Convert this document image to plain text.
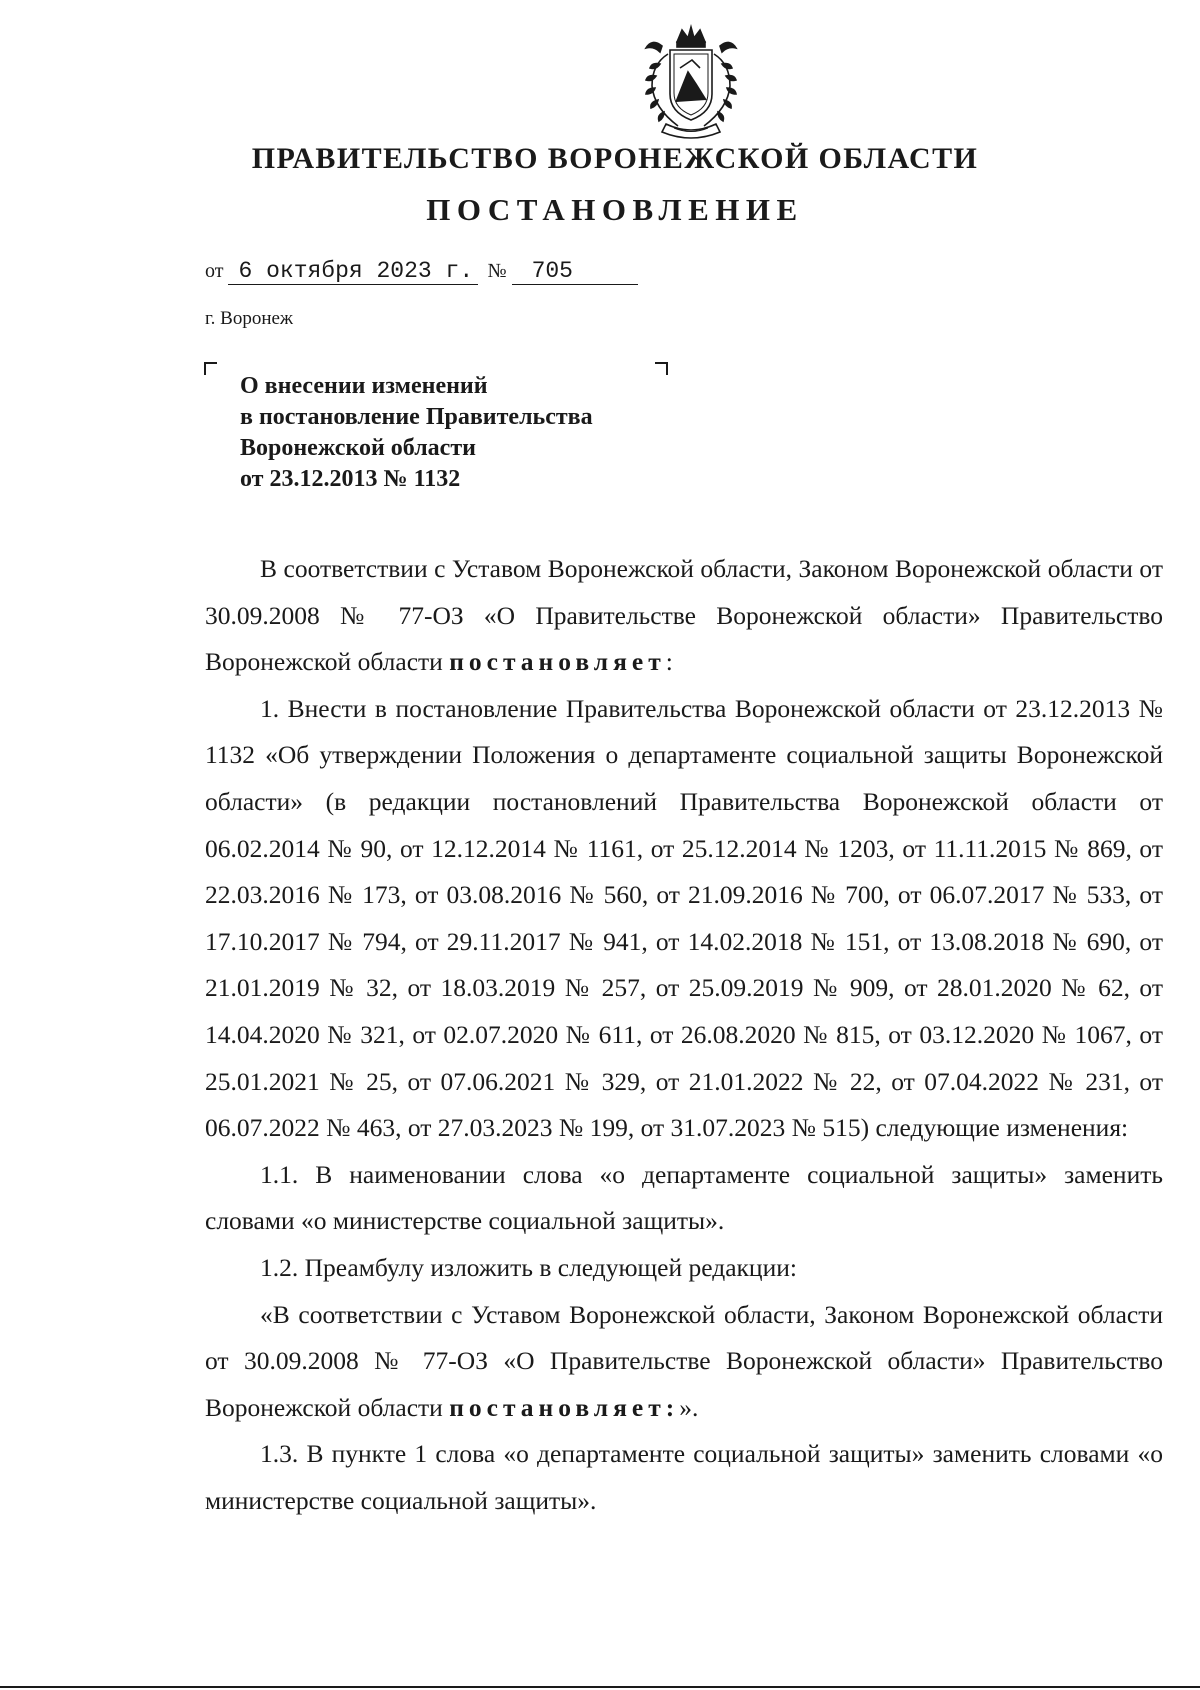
ПРАВИТЕЛЬСТВО ВОРОНЕЖСКОЙ ОБЛАСТИ
ПОСТАНОВЛЕНИЕ
от 6 октября 2023 г. № 705
г. Воронеж
О внесении изменений
в постановление Правительства
Воронежской области
от 23.12.2013 № 1132

В соответствии с Уставом Воронежской области, Законом Воронежской области от 30.09.2008 № 77-ОЗ «О Правительстве Воронежской области» Правительство Воронежской области постановляет:

1. Внести в постановление Правительства Воронежской области от 23.12.2013 № 1132 «Об утверждении Положения о департаменте социальной защиты Воронежской области» (в редакции постановлений Правительства Воронежской области от 06.02.2014 № 90, от 12.12.2014 № 1161, от 25.12.2014 № 1203, от 11.11.2015 № 869, от 22.03.2016 № 173, от 03.08.2016 № 560, от 21.09.2016 № 700, от 06.07.2017 № 533, от 17.10.2017 № 794, от 29.11.2017 № 941, от 14.02.2018 № 151, от 13.08.2018 № 690, от 21.01.2019 № 32, от 18.03.2019 № 257, от 25.09.2019 № 909, от 28.01.2020 № 62, от 14.04.2020 № 321, от 02.07.2020 № 611, от 26.08.2020 № 815, от 03.12.2020 № 1067, от 25.01.2021 № 25, от 07.06.2021 № 329, от 21.01.2022 № 22, от 07.04.2022 № 231, от 06.07.2022 № 463, от 27.03.2023 № 199, от 31.07.2023 № 515) следующие изменения:

1.1. В наименовании слова «о департаменте социальной защиты» заменить словами «о министерстве социальной защиты».

1.2. Преамбулу изложить в следующей редакции:

«В соответствии с Уставом Воронежской области, Законом Воронежской области от 30.09.2008 № 77-ОЗ «О Правительстве Воронежской области» Правительство Воронежской области постановляет:».

1.3. В пункте 1 слова «о департаменте социальной защиты» заменить словами «о министерстве социальной защиты».
